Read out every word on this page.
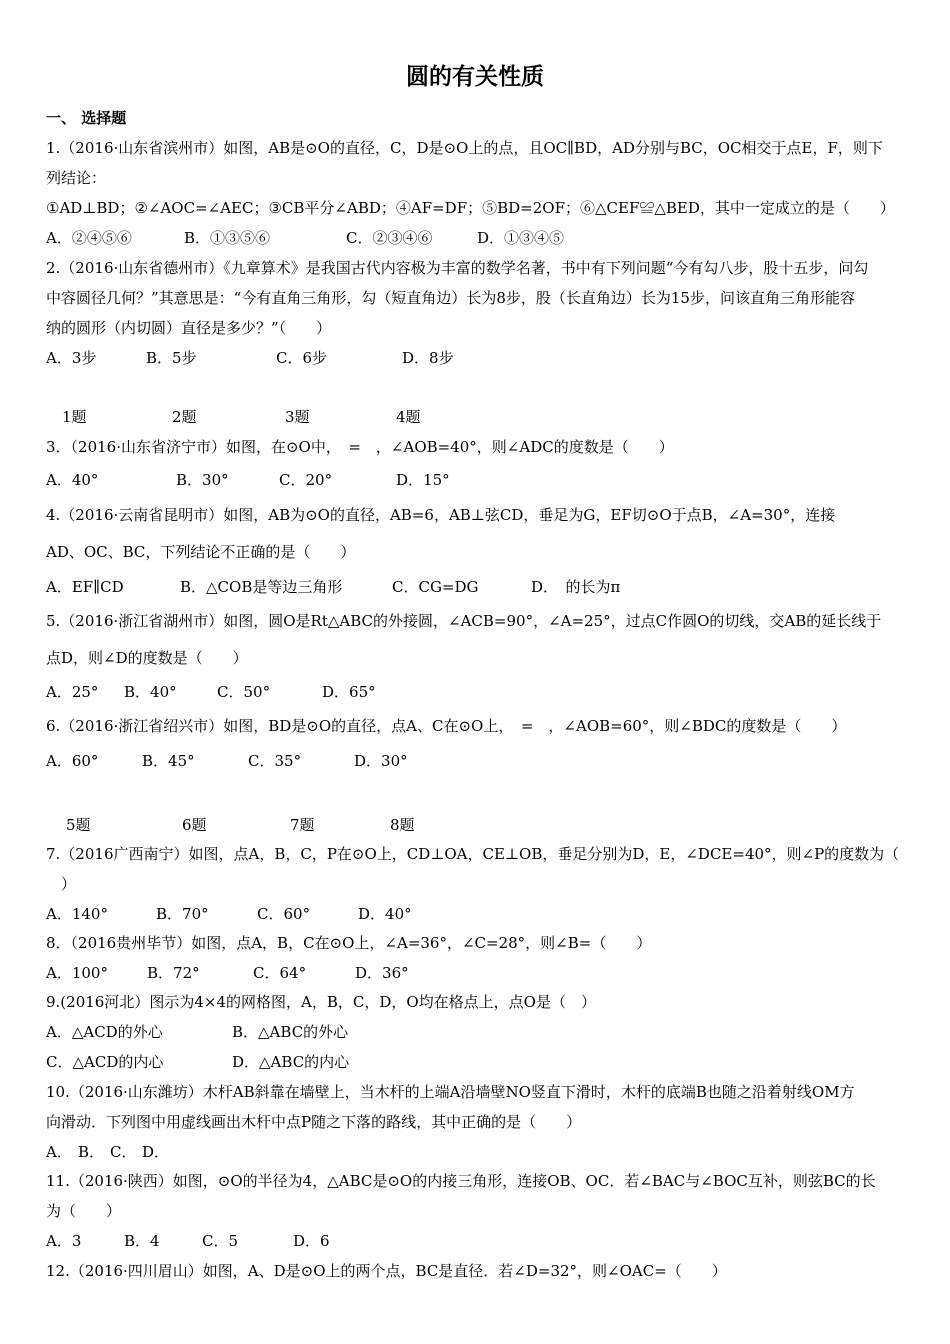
圆的有关性质
一、 选择题
1.（2016·山东省滨州市）如图，AB是⊙O的直径，C，D是⊙O上的点，且OC∥BD，AD分别与BC，OC相交于点E，F，则下
列结论：
①AD⊥BD；②∠AOC=∠AEC；③CB平分∠ABD；④AF=DF；⑤BD=2OF；⑥△CEF≌△BED，其中一定成立的是（　　）
A．②④⑤⑥	B．①③⑤⑥	C．②③④⑥	D．①③④⑤
2.（2016·山东省德州市）《九章算术》是我国古代内容极为丰富的数学名著，书中有下列问题“今有勾八步，股十五步，问勾
中容圆径几何？”其意思是：“今有直角三角形，勾（短直角边）长为8步，股（长直角边）长为15步，问该直角三角形能容
纳的圆形（内切圆）直径是多少？”（　　）
A．3步	B．5步	C．6步	D．8步
1题	2题	3题	4题
3．（2016·山东省济宁市）如图，在⊙O中，　=　，∠AOB=40°，则∠ADC的度数是（　　）
A．40°	B．30°	C．20°	D．15°
4.（2016·云南省昆明市）如图，AB为⊙O的直径，AB=6，AB⊥弦CD，垂足为G，EF切⊙O于点B，∠A=30°，连接
AD、OC、BC，下列结论不正确的是（　　）
A．EF∥CD	B．△COB是等边三角形	C．CG=DG	D．　的长为π
5.（2016·浙江省湖州市）如图，圆O是Rt△ABC的外接圆，∠ACB=90°，∠A=25°，过点C作圆O的切线，交AB的延长线于
点D，则∠D的度数是（　　）
A．25° B．40°	C．50°	D．65°
6.（2016·浙江省绍兴市）如图，BD是⊙O的直径，点A、C在⊙O上，　=　，∠AOB=60°，则∠BDC的度数是（　　）
A．60°	B．45°	C．35°	D．30°
5题	6题	7题	8题
7.（2016广西南宁）如图，点A，B，C，P在⊙O上，CD⊥OA，CE⊥OB，垂足分别为D，E，∠DCE=40°，则∠P的度数为（
　）
A．140°	B．70°	C．60°	D．40°
8．（2016贵州毕节）如图，点A，B，C在⊙O上，∠A=36°，∠C=28°，则∠B=（　　）
A．100°	B．72°	C．64°	D．36°
9.(2016河北）图示为4×4的网格图，A，B，C，D，O均在格点上，点O是（　）
A．△ACD的外心	B．△ABC的外心
C．△ACD的内心	D．△ABC的内心
10.（2016·山东潍坊）木杆AB斜靠在墙壁上，当木杆的上端A沿墙壁NO竖直下滑时，木杆的底端B也随之沿着射线OM方
向滑动．下列图中用虚线画出木杆中点P随之下落的路线，其中正确的是（　　）
A． B． C． D．
11.（2016·陕西）如图，⊙O的半径为4，△ABC是⊙O的内接三角形，连接OB、OC．若∠BAC与∠BOC互补，则弦BC的长
为（　　）
A．3	B．4	C．5	D．6
12.（2016·四川眉山）如图，A、D是⊙O上的两个点，BC是直径．若∠D=32°，则∠OAC=（　　）
